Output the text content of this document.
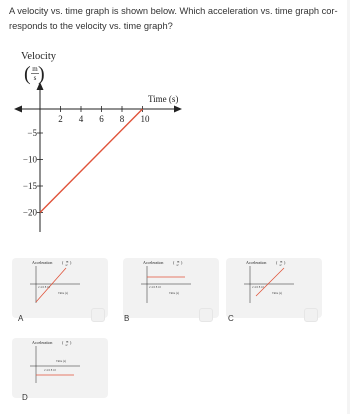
A velocity vs. time graph is shown below. Which acceleration vs. time graph cor-
responds to the velocity vs. time graph?
Velocity
( )
m
s
Time (s)
2 4 6 8 10
−5
−10
−15
−20
Acceleration ( m
s² )
2 4 6 8 10
Time (s)
A
Acceleration ( m
s² )
2 4 6 8 10
Time (s)
B
Acceleration ( m
s² )
2 4 6 8 10
Time (s)
C
Acceleration ( m
s² )
Time (s)
2 4 6 8 10
D
